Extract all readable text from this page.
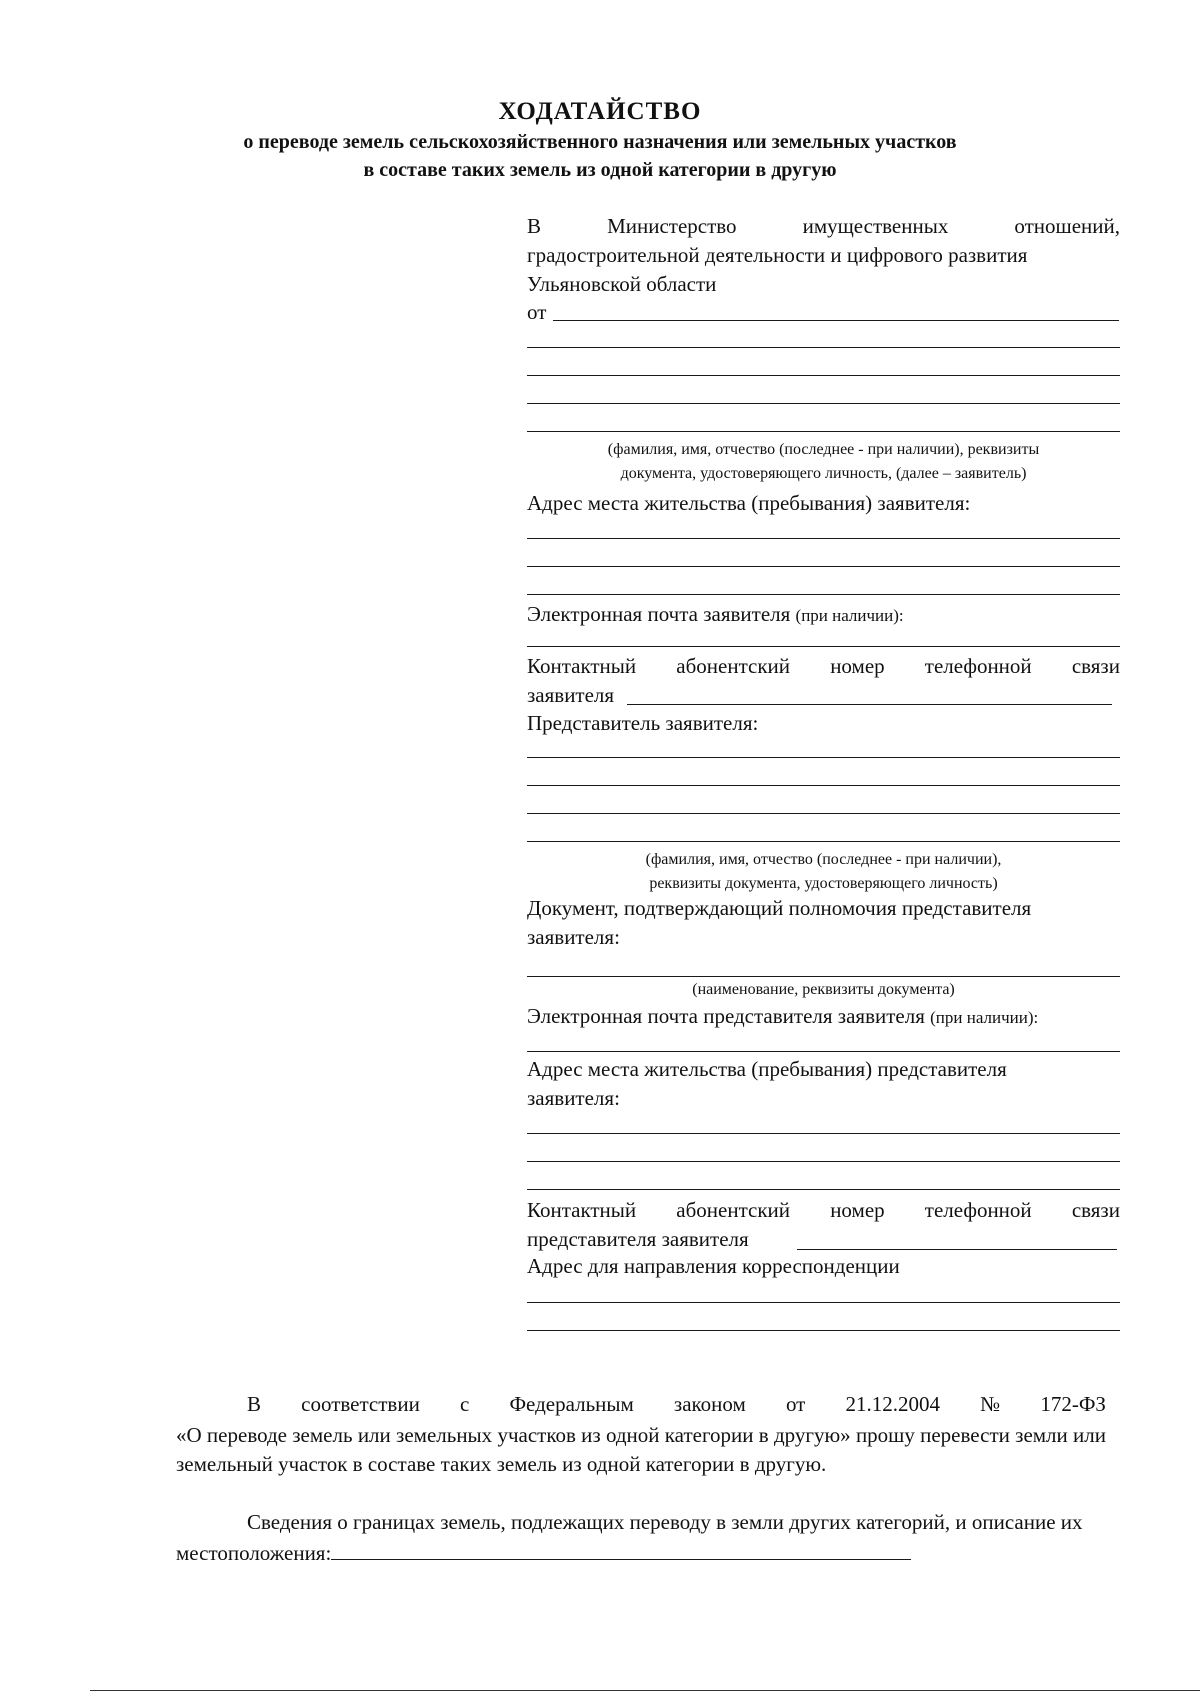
ХОДАТАЙСТВО
о переводе земель сельскохозяйственного назначения или земельных участков
в составе таких земель из одной категории в другую
В	Министерство	имущественных	отношений,
градостроительной деятельности и цифрового развития
Ульяновской области
от
(фамилия, имя, отчество (последнее - при наличии), реквизиты
документа, удостоверяющего личность, (далее – заявитель)
Адрес места жительства (пребывания) заявителя:
Электронная почта заявителя (при наличии):
Контактный абонентский номер телефонной связи
заявителя
Представитель заявителя:
(фамилия, имя, отчество (последнее - при наличии),
реквизиты документа, удостоверяющего личность)
Документ, подтверждающий полномочия представителя
заявителя:
(наименование, реквизиты документа)
Электронная почта представителя заявителя (при наличии):
Адрес места жительства (пребывания) представителя
заявителя:
Контактный абонентский номер телефонной связи
представителя заявителя
Адрес для направления корреспонденции
В соответствии с Федеральным законом от 21.12.2004 № 172-ФЗ
«О переводе земель или земельных участков из одной категории в другую» прошу перевести земли или земельный участок в составе таких земель из одной категории в другую.
Сведения о границах земель, подлежащих переводу в земли других категорий, и описание их местоположения:
